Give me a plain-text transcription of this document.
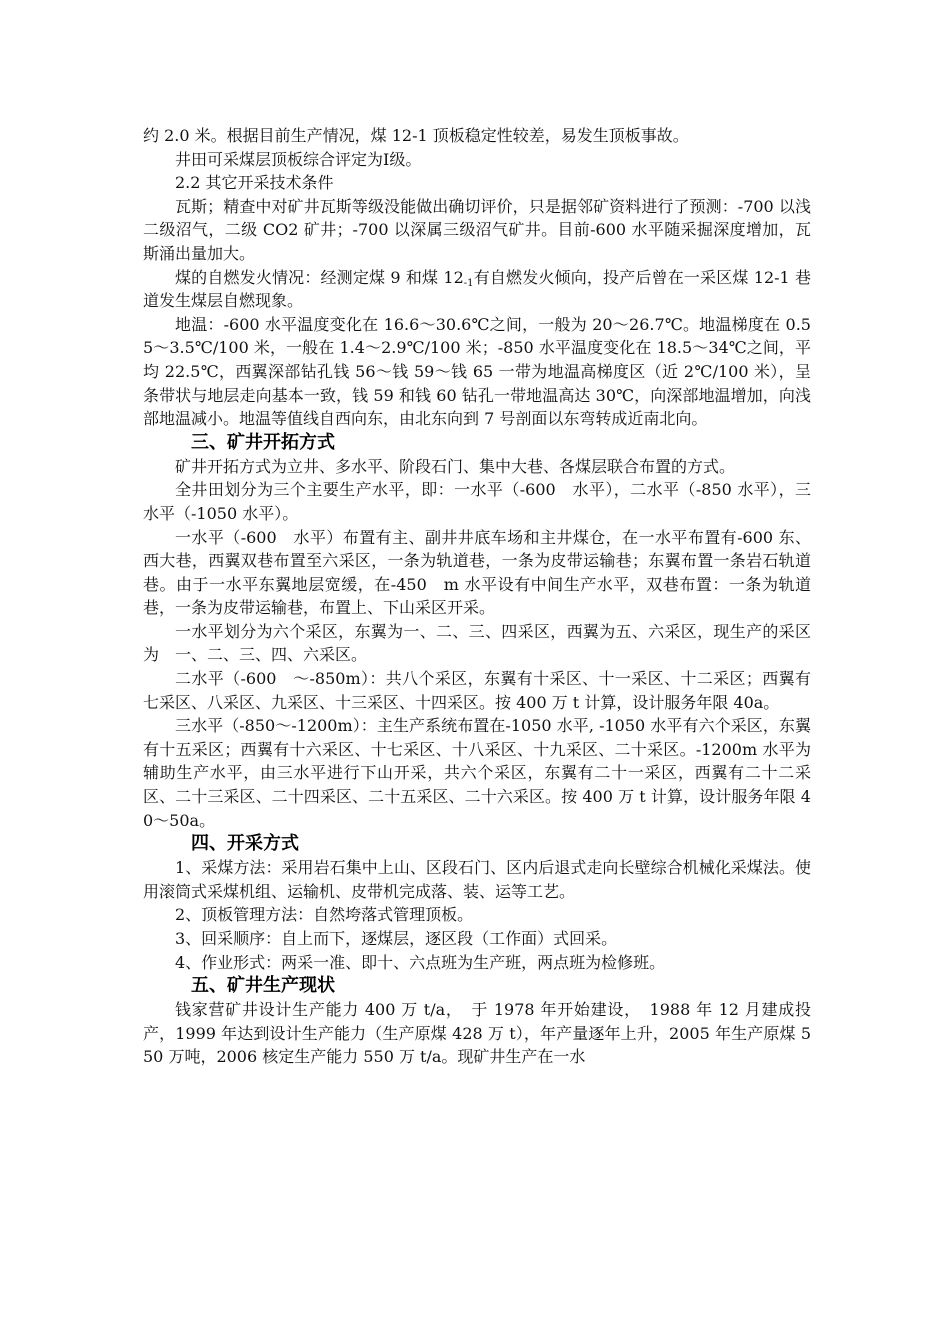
约 2.0 米。根据目前生产情况，煤 12-1 顶板稳定性较差，易发生顶板事故。

井田可采煤层顶板综合评定为Ⅰ级。

2.2 其它开采技术条件

瓦斯；精查中对矿井瓦斯等级没能做出确切评价，只是据邻矿资料进行了预测：-700 以浅二级沼气，二级 CO2 矿井；-700 以深属三级沼气矿井。目前-600 水平随采掘深度增加，瓦斯涌出量加大。

煤的自燃发火情况：经测定煤 9 和煤 $12_{-1}$有自燃发火倾向，投产后曾在一采区煤 12-1 巷道发生煤层自燃现象。

地温：-600 水平温度变化在 16.6～30.6℃之间，一般为 20～26.7℃。地温梯度在 0.55～3.5℃/100 米，一般在 1.4～2.9℃/100 米；-850 水平温度变化在 18.5～34℃之间，平均 22.5℃，西翼深部钻孔钱 56～钱 59～钱 65 一带为地温高梯度区（近 2℃/100 米），呈条带状与地层走向基本一致，钱 59 和钱 60 钻孔一带地温高达 30℃，向深部地温增加，向浅部地温减小。地温等值线自西向东，由北东向到 7 号剖面以东弯转成近南北向。

三、矿井开拓方式

矿井开拓方式为立井、多水平、阶段石门、集中大巷、各煤层联合布置的方式。

全井田划分为三个主要生产水平，即：一水平（-600　水平），二水平（-850 水平），三水平（-1050 水平）。

一水平（-600　水平）布置有主、副井井底车场和主井煤仓，在一水平布置有-600 东、西大巷，西翼双巷布置至六采区，一条为轨道巷，一条为皮带运输巷；东翼布置一条岩石轨道巷。由于一水平东翼地层宽缓，在-450　m 水平设有中间生产水平，双巷布置：一条为轨道巷，一条为皮带运输巷，布置上、下山采区开采。

一水平划分为六个采区，东翼为一、二、三、四采区，西翼为五、六采区，现生产的采区为　一、二、三、四、六采区。

二水平（-600　～-850m）：共八个采区，东翼有十采区、十一采区、十二采区；西翼有七采区、八采区、九采区、十三采区、十四采区。按 400 万 t 计算，设计服务年限 40a。

三水平（-850～-1200m）：主生产系统布置在-1050 水平, -1050 水平有六个采区，东翼有十五采区；西翼有十六采区、十七采区、十八采区、十九采区、二十采区。-1200m 水平为辅助生产水平，由三水平进行下山开采，共六个采区，东翼有二十一采区，西翼有二十二采区、二十三采区、二十四采区、二十五采区、二十六采区。按 400 万 t 计算，设计服务年限 40～50a。

四、开采方式

1、采煤方法：采用岩石集中上山、区段石门、区内后退式走向长壁综合机械化采煤法。使用滚筒式采煤机组、运输机、皮带机完成落、装、运等工艺。

2、顶板管理方法：自然垮落式管理顶板。

3、回采顺序：自上而下，逐煤层，逐区段（工作面）式回采。

4、作业形式：两采一准、即十、六点班为生产班，两点班为检修班。

五、矿井生产现状

钱家营矿井设计生产能力 400 万 t/a，　于 1978 年开始建设，　1988 年 12 月建成投产，1999 年达到设计生产能力（生产原煤 428 万 t），年产量逐年上升，2005 年生产原煤 550 万吨，2006 核定生产能力 550 万 t/a。现矿井生产在一水
